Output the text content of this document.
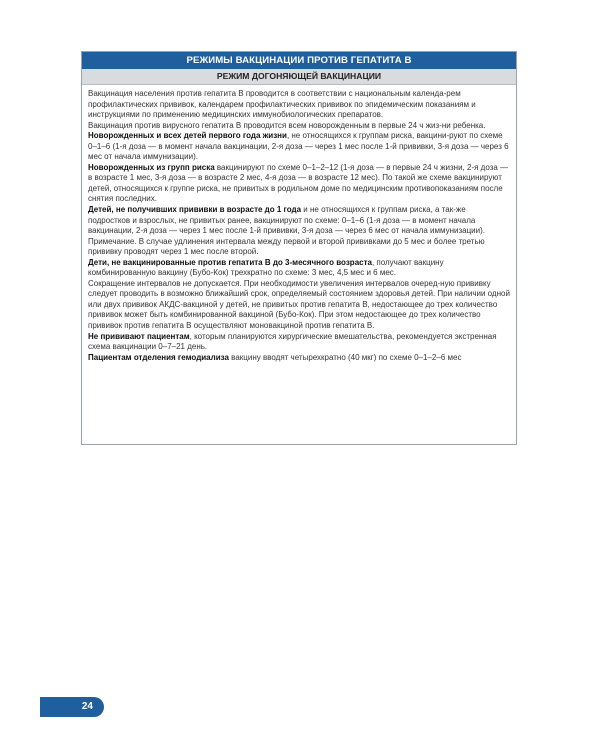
РЕЖИМЫ ВАКЦИНАЦИИ ПРОТИВ ГЕПАТИТА В
РЕЖИМ ДОГОНЯЮЩЕЙ ВАКЦИНАЦИИ

Вакцинация населения против гепатита В проводится в соответствии с национальным календа-рем профилактических прививок, календарем профилактических прививок по эпидемическим показаниям и инструкциями по применению медицинских иммунобиологических препаратов.

Вакцинация против вирусного гепатита В проводится всем новорожденным в первые 24 ч жиз-ни ребенка.

Новорожденных и всех детей первого года жизни, не относящихся к группам риска, вакцини-руют по схеме 0–1–6 (1-я доза — в момент начала вакцинации, 2-я доза — через 1 мес после 1-й прививки, 3-я доза — через 6 мес от начала иммунизации).

Новорожденных из групп риска вакцинируют по схеме 0–1–2–12 (1-я доза — в первые 24 ч жизни, 2-я доза — в возрасте 1 мес, 3-я доза — в возрасте 2 мес, 4-я доза — в возрасте 12 мес). По такой же схеме вакцинируют детей, относящихся к группе риска, не привитых в родильном доме по медицинским противопоказаниям после снятия последних.

Детей, не получивших прививки в возрасте до 1 года и не относящихся к группам риска, а так-же подростков и взрослых, не привитых ранее, вакцинируют по схеме: 0–1–6 (1-я доза — в момент начала вакцинации, 2-я доза — через 1 мес после 1-й прививки, 3-я доза — через 6 мес от начала иммунизации).

Примечание. В случае удлинения интервала между первой и второй прививками до 5 мес и более третью прививку проводят через 1 мес после второй.

Дети, не вакцинированные против гепатита В до 3-месячного возраста, получают вакцину комбинированную вакцину (Бубо-Кок) трехкратно по схеме: 3 мес, 4,5 мес и 6 мес.

Сокращение интервалов не допускается. При необходимости увеличения интервалов очеред-ную прививку следует проводить в возможно ближайший срок, определяемый состоянием здоровья детей. При наличии одной или двух прививок АКДС-вакциной у детей, не привитых против гепатита В, недостающее до трех количество прививок может быть комбинированной вакциной (Бубо-Кок). При этом недостающее до трех количество прививок против гепатита В осуществляют моновакциной против гепатита В.

Не прививают пациентам, которым планируются хирургические вмешательства, рекомендуется экстренная схема вакцинации 0–7–21 день.

Пациентам отделения гемодиализа вакцину вводят четырехкратно (40 мкг) по схеме 0–1–2–6 мес

24
